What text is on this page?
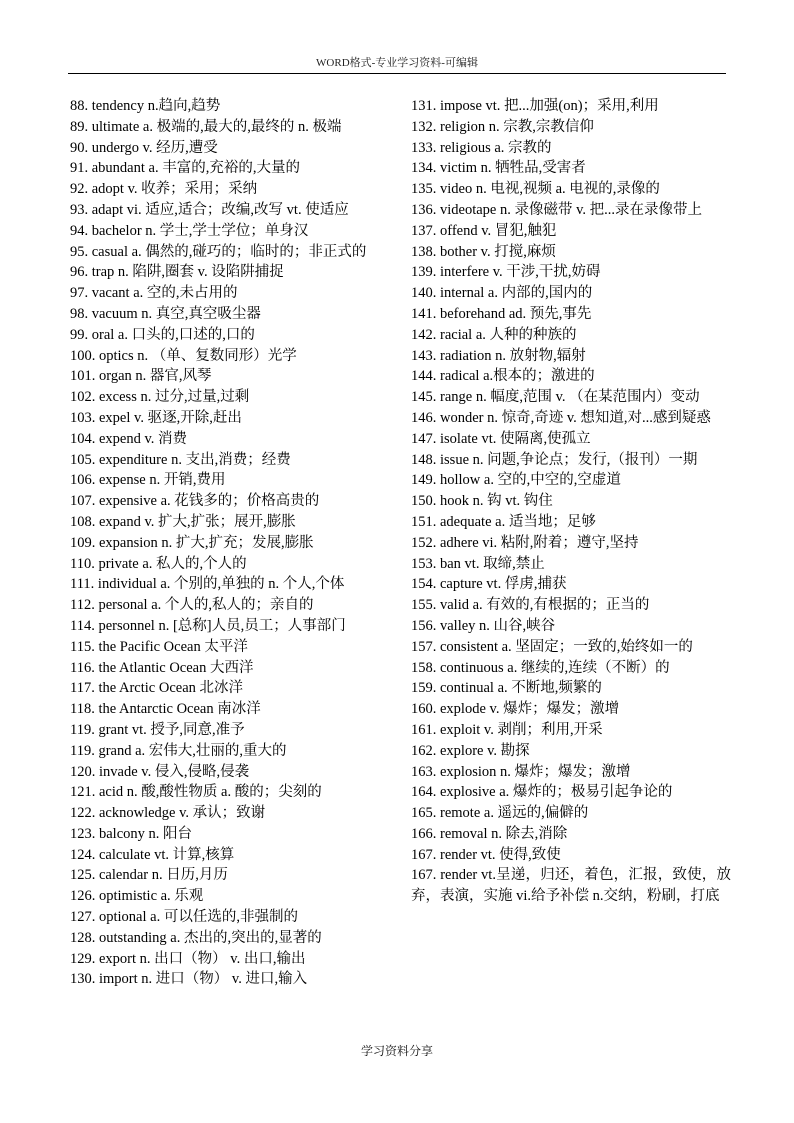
WORD格式-专业学习资料-可编辑
88. tendency n.趋向,趋势
89. ultimate a. 极端的,最大的,最终的 n. 极端
90. undergo v. 经历,遭受
91. abundant a. 丰富的,充裕的,大量的
92. adopt v. 收养；采用；采纳
93. adapt vi. 适应,适合；改编,改写 vt. 使适应
94. bachelor n. 学士,学士学位；单身汉
95. casual a. 偶然的,碰巧的；临时的；非正式的
96. trap n. 陷阱,圈套 v. 设陷阱捕捉
97. vacant a. 空的,未占用的
98. vacuum n. 真空,真空吸尘器
99. oral a. 口头的,口述的,口的
100. optics n. （单、复数同形）光学
101. organ n. 器官,风琴
102. excess n. 过分,过量,过剩
103. expel v. 驱逐,开除,赶出
104. expend v. 消费
105. expenditure n. 支出,消费；经费
106. expense n. 开销,费用
107. expensive a. 花钱多的；价格高贵的
108. expand v. 扩大,扩张；展开,膨胀
109. expansion n. 扩大,扩充；发展,膨胀
110. private a. 私人的,个人的
111. individual a. 个别的,单独的 n. 个人,个体
112. personal a. 个人的,私人的；亲自的
114. personnel n. [总称]人员,员工；人事部门
115. the Pacific Ocean 太平洋
116. the Atlantic Ocean 大西洋
117. the Arctic Ocean 北冰洋
118. the Antarctic Ocean 南冰洋
119. grant vt. 授予,同意,准予
119. grand a. 宏伟大,壮丽的,重大的
120. invade v. 侵入,侵略,侵袭
121. acid n. 酸,酸性物质 a. 酸的；尖刻的
122. acknowledge v. 承认；致谢
123. balcony n. 阳台
124. calculate vt. 计算,核算
125. calendar n. 日历,月历
126. optimistic a. 乐观
127. optional a. 可以任选的,非强制的
128. outstanding a. 杰出的,突出的,显著的
129. export n. 出口（物） v. 出口,输出
130. import n. 进口（物） v. 进口,输入
131. impose vt. 把...加强(on)；采用,利用
132. religion n. 宗教,宗教信仰
133. religious a. 宗教的
134. victim n. 牺牲品,受害者
135. video n. 电视,视频 a. 电视的,录像的
136. videotape n. 录像磁带 v. 把...录在录像带上
137. offend v. 冒犯,触犯
138. bother v. 打搅,麻烦
139. interfere v. 干涉,干扰,妨碍
140. internal a. 内部的,国内的
141. beforehand ad. 预先,事先
142. racial a. 人种的种族的
143. radiation n. 放射物,辐射
144. radical a.根本的；激进的
145. range n. 幅度,范围 v. （在某范围内）变动
146. wonder n. 惊奇,奇迹 v. 想知道,对...感到疑惑
147. isolate vt. 使隔离,使孤立
148. issue n. 问题,争论点；发行,（报刊）一期
149. hollow a. 空的,中空的,空虚道
150. hook n. 钩 vt. 钩住
151. adequate a. 适当地；足够
152. adhere vi. 粘附,附着；遵守,坚持
153. ban vt. 取缔,禁止
154. capture vt. 俘虏,捕获
155. valid a. 有效的,有根据的；正当的
156. valley n. 山谷,峡谷
157. consistent a. 坚固定；一致的,始终如一的
158. continuous a. 继续的,连续（不断）的
159. continual a. 不断地,频繁的
160. explode v. 爆炸；爆发；激增
161. exploit v. 剥削；利用,开采
162. explore v. 勘探
163. explosion n. 爆炸；爆发；激增
164. explosive a. 爆炸的；极易引起争论的
165. remote a. 遥远的,偏僻的
166. removal n. 除去,消除
167. render vt. 使得,致使
167. render vt.呈递，归还，着色，汇报，致使，放弃，表演，实施 vi.给予补偿 n.交纳，粉刷，打底
学习资料分享
